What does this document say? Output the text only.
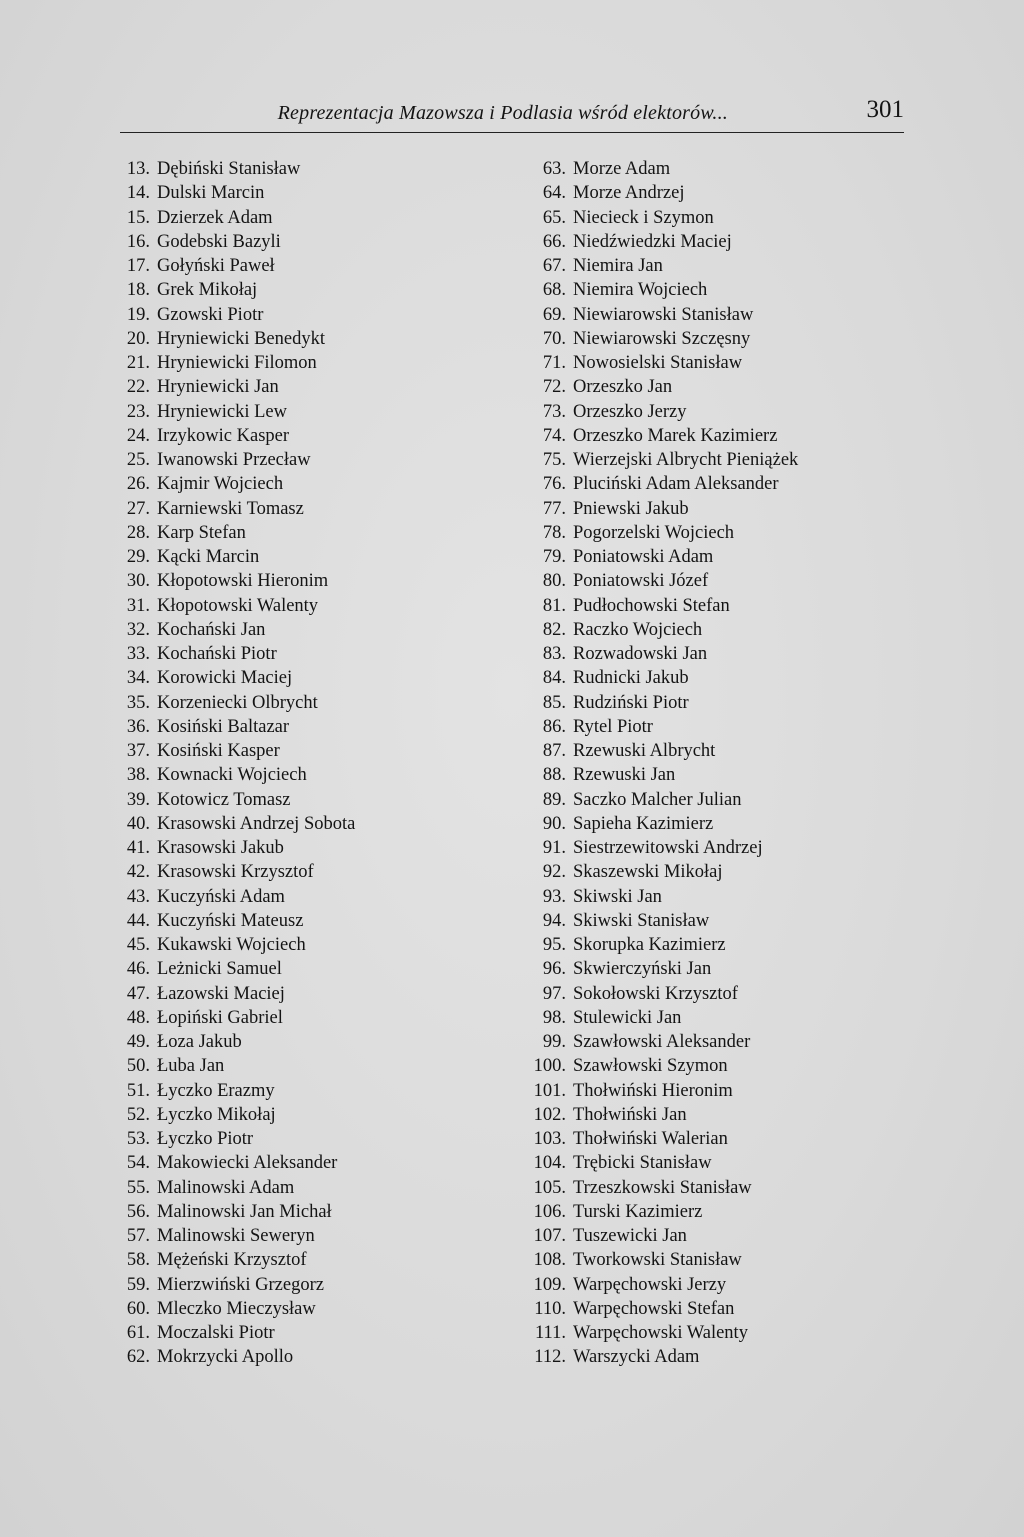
Reprezentacja Mazowsza i Podlasia wśród elektorów...	301
13. Dębiński Stanisław
14. Dulski Marcin
15. Dzierzek Adam
16. Godebski Bazyli
17. Gołyński Paweł
18. Grek Mikołaj
19. Gzowski Piotr
20. Hryniewicki Benedykt
21. Hryniewicki Filomon
22. Hryniewicki Jan
23. Hryniewicki Lew
24. Irzykowic Kasper
25. Iwanowski Przecław
26. Kajmir Wojciech
27. Karniewski Tomasz
28. Karp Stefan
29. Kącki Marcin
30. Kłopotowski Hieronim
31. Kłopotowski Walenty
32. Kochański Jan
33. Kochański Piotr
34. Korowicki Maciej
35. Korzeniecki Olbrycht
36. Kosiński Baltazar
37. Kosiński Kasper
38. Kownacki Wojciech
39. Kotowicz Tomasz
40. Krasowski Andrzej Sobota
41. Krasowski Jakub
42. Krasowski Krzysztof
43. Kuczyński Adam
44. Kuczyński Mateusz
45. Kukawski Wojciech
46. Leżnicki Samuel
47. Łazowski Maciej
48. Łopiński Gabriel
49. Łoza Jakub
50. Łuba Jan
51. Łyczko Erazmy
52. Łyczko Mikołaj
53. Łyczko Piotr
54. Makowiecki Aleksander
55. Malinowski Adam
56. Malinowski Jan Michał
57. Malinowski Seweryn
58. Mężeński Krzysztof
59. Mierzwiński Grzegorz
60. Mleczko Mieczysław
61. Moczalski Piotr
62. Mokrzycki Apollo
63. Morze Adam
64. Morze Andrzej
65. Niecieck i Szymon
66. Niedźwiedzki Maciej
67. Niemira Jan
68. Niemira Wojciech
69. Niewiarowski Stanisław
70. Niewiarowski Szczęsny
71. Nowosielski Stanisław
72. Orzeszko Jan
73. Orzeszko Jerzy
74. Orzeszko Marek Kazimierz
75. Wierzejski Albrycht Pieniążek
76. Pluciński Adam Aleksander
77. Pniewski Jakub
78. Pogorzelski Wojciech
79. Poniatowski Adam
80. Poniatowski Józef
81. Pudłochowski Stefan
82. Raczko Wojciech
83. Rozwadowski Jan
84. Rudnicki Jakub
85. Rudziński Piotr
86. Rytel Piotr
87. Rzewuski Albrycht
88. Rzewuski Jan
89. Saczko Malcher Julian
90. Sapieha Kazimierz
91. Siestrzewitowski Andrzej
92. Skaszewski Mikołaj
93. Skiwski Jan
94. Skiwski Stanisław
95. Skorupka Kazimierz
96. Skwierczyński Jan
97. Sokołowski Krzysztof
98. Stulewicki Jan
99. Szawłowski Aleksander
100. Szawłowski Szymon
101. Thołwiński Hieronim
102. Thołwiński Jan
103. Thołwiński Walerian
104. Trębicki Stanisław
105. Trzeszkowski Stanisław
106. Turski Kazimierz
107. Tuszewicki Jan
108. Tworkowski Stanisław
109. Warpęchowski Jerzy
110. Warpęchowski Stefan
111. Warpęchowski Walenty
112. Warszycki Adam
